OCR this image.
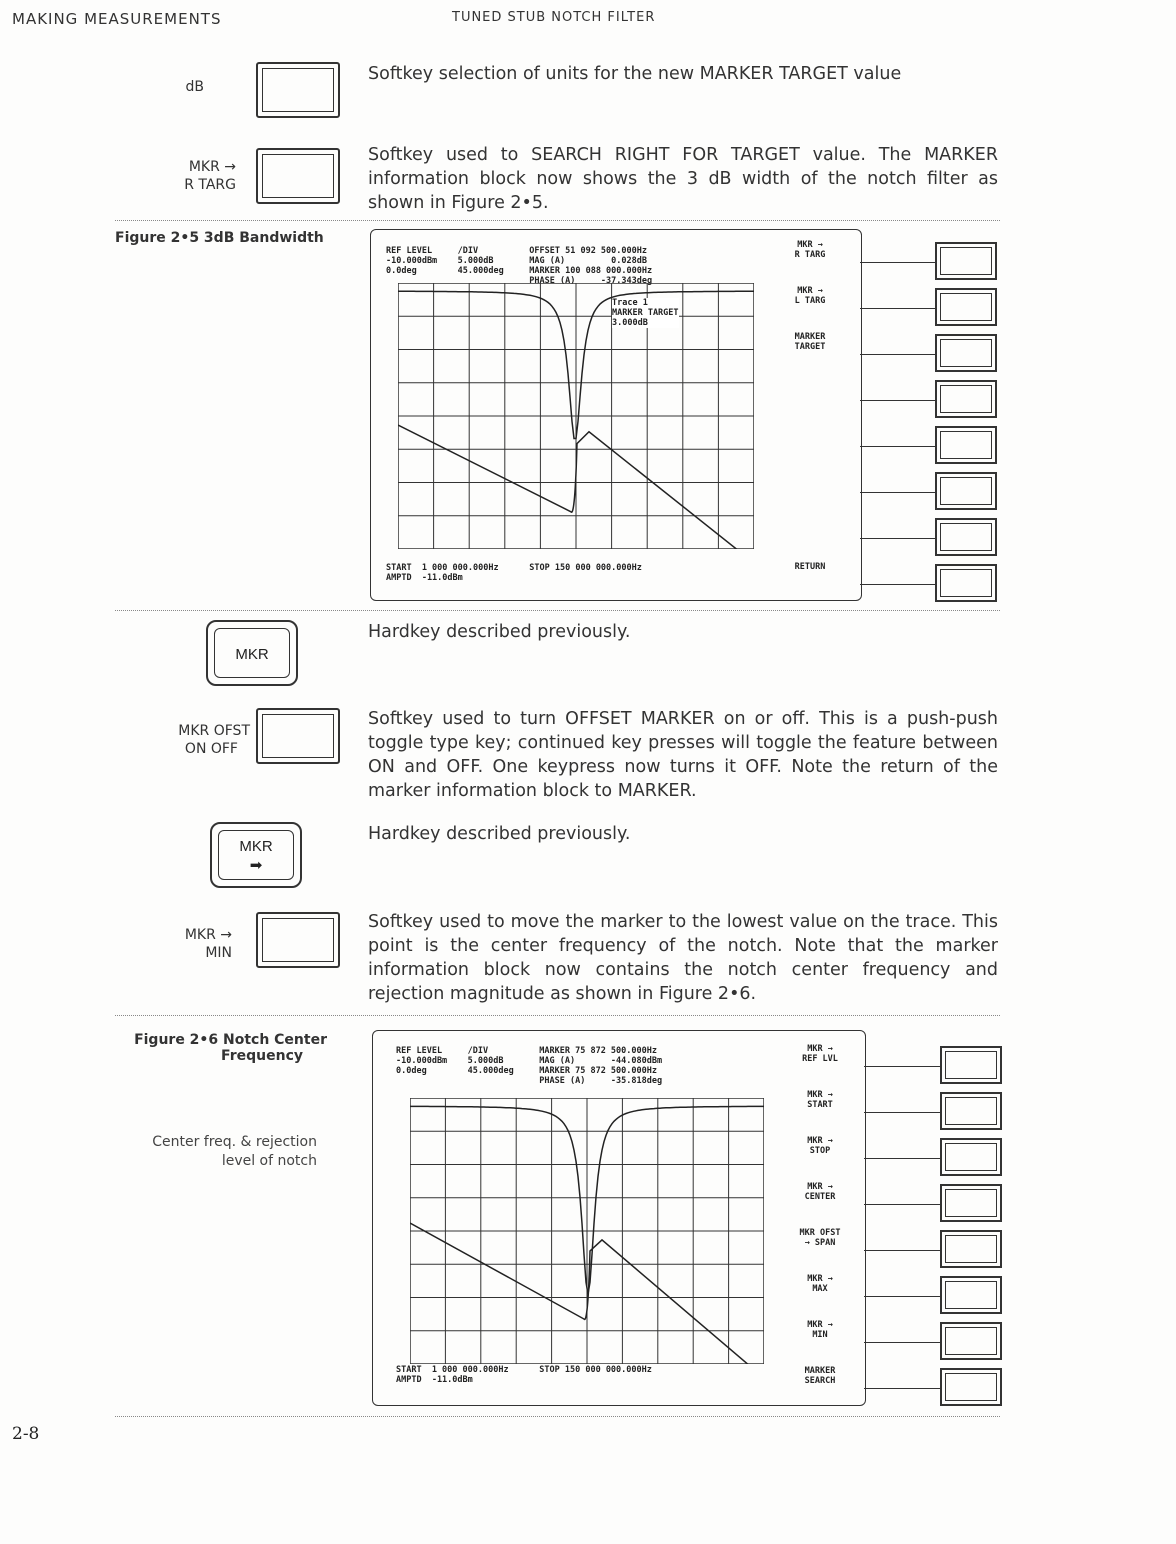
MAKING MEASUREMENTS	TUNED STUB NOTCH FILTER
dB
Softkey selection of units for the new MARKER TARGET value
MKR →
R TARG
Softkey used to SEARCH RIGHT FOR TARGET value. The MARKER information block now shows the 3 dB width of the notch filter as shown in Figure 2•5.
Figure 2•5 3dB Bandwidth
REF LEVEL     /DIV          OFFSET 51 092 500.000Hz
-10.000dBm    5.000dB       MAG (A)         0.028dB
0.0deg        45.000deg     MARKER 100 088 000.000Hz
PHASE (A)     -37.343deg
Trace 1
MARKER TARGET
3.000dB
START  1 000 000.000Hz      STOP 150 000 000.000Hz
AMPTD  -11.0dBm
MKR →
R TARG
MKR →
L TARG
MARKER
TARGET
RETURN
MKR
Hardkey described previously.
MKR OFST
ON OFF
Softkey used to turn OFFSET MARKER on or off. This is a push-push toggle type key; continued key presses will toggle the feature between ON and OFF. One keypress now turns it OFF. Note the return of the marker information block to MARKER.
MKR
➡
Hardkey described previously.
MKR →
MIN
Softkey used to move the marker to the lowest value on the trace. This point is the center frequency of the notch. Note that the marker information block now contains the notch center frequency and rejection magnitude as shown in Figure 2•6.
Figure 2•6 Notch Center
Frequency
Center freq. & rejection
level of notch
REF LEVEL     /DIV          MARKER 75 872 500.000Hz
-10.000dBm    5.000dB       MAG (A)       -44.080dBm
0.0deg        45.000deg     MARKER 75 872 500.000Hz
PHASE (A)     -35.818deg
START  1 000 000.000Hz      STOP 150 000 000.000Hz
AMPTD  -11.0dBm
MKR →
REF LVL
MKR →
START
MKR →
STOP
MKR →
CENTER
MKR OFST
→ SPAN
MKR →
MAX
MKR →
MIN
MARKER
SEARCH
2-8
